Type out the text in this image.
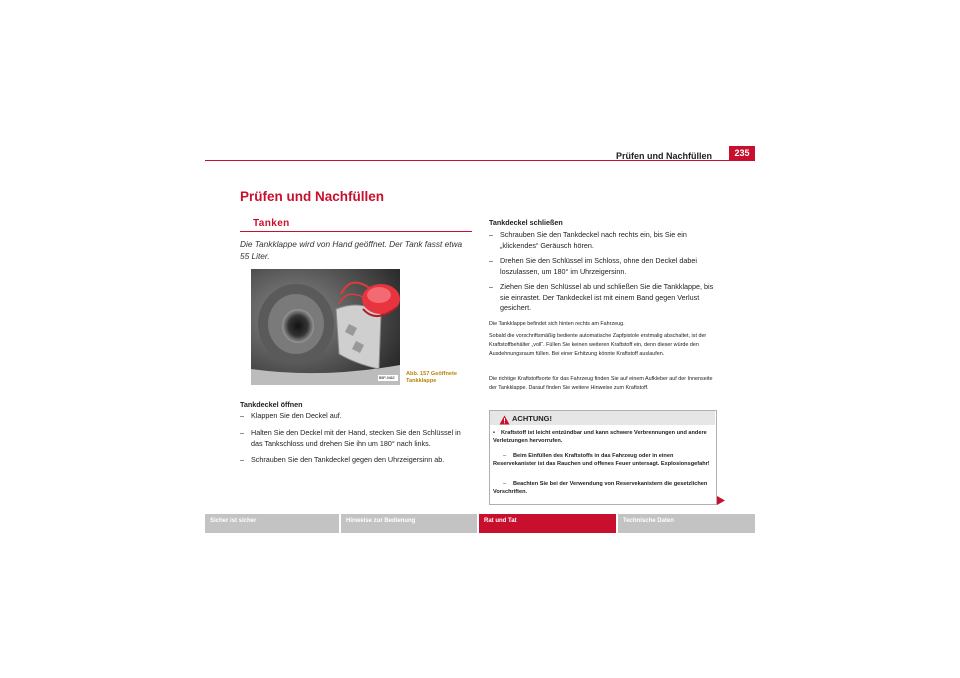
Prüfen und Nachfüllen	235
Prüfen und Nachfüllen
Tanken
Die Tankklappe wird von Hand geöffnet. Der Tank fasst etwa 55 Liter.
B5P-0462
Abb. 157 Geöffnete
Tankklappe
Tankdeckel öffnen
– Klappen Sie den Deckel auf.
– Halten Sie den Deckel mit der Hand, stecken Sie den Schlüssel in das Tankschloss und drehen Sie ihn um 180° nach links.
– Schrauben Sie den Tankdeckel gegen den Uhrzeigersinn ab.
Tankdeckel schließen
– Schrauben Sie den Tankdeckel nach rechts ein, bis Sie ein „klickendes“ Geräusch hören.
– Drehen Sie den Schlüssel im Schloss, ohne den Deckel dabei loszulassen, um 180° im Uhrzeigersinn.
– Ziehen Sie den Schlüssel ab und schließen Sie die Tankklappe, bis sie einrastet. Der Tankdeckel ist mit einem Band gegen Verlust gesichert.
Die Tankklappe befindet sich hinten rechts am Fahrzeug.
Sobald die vorschriftsmäßig bediente automatische Zapfpistole erstmalig abschaltet, ist der Kraftstoffbehälter „voll“. Füllen Sie keinen weiteren Kraftstoff ein, denn dieser würde den Ausdehnungsraum füllen. Bei einer Erhitzung könnte Kraftstoff auslaufen.
Die richtige Kraftstoffsorte für das Fahrzeug finden Sie auf einem Aufkleber auf der Innenseite der Tankklappe. Darauf finden Sie weitere Hinweise zum Kraftstoff.
ACHTUNG!
•	Kraftstoff ist leicht entzündbar und kann schwere Verbrennungen und andere Verletzungen hervorrufen.
–	Beim Einfüllen des Kraftstoffs in das Fahrzeug oder in einen Reservekanister ist das Rauchen und offenes Feuer untersagt. Explosionsgefahr!
–	Beachten Sie bei der Verwendung von Reservekanistern die gesetzlichen Vorschriften.
Sicher ist sicher	Hinweise zur Bedienung	Rat und Tat	Technische Daten
